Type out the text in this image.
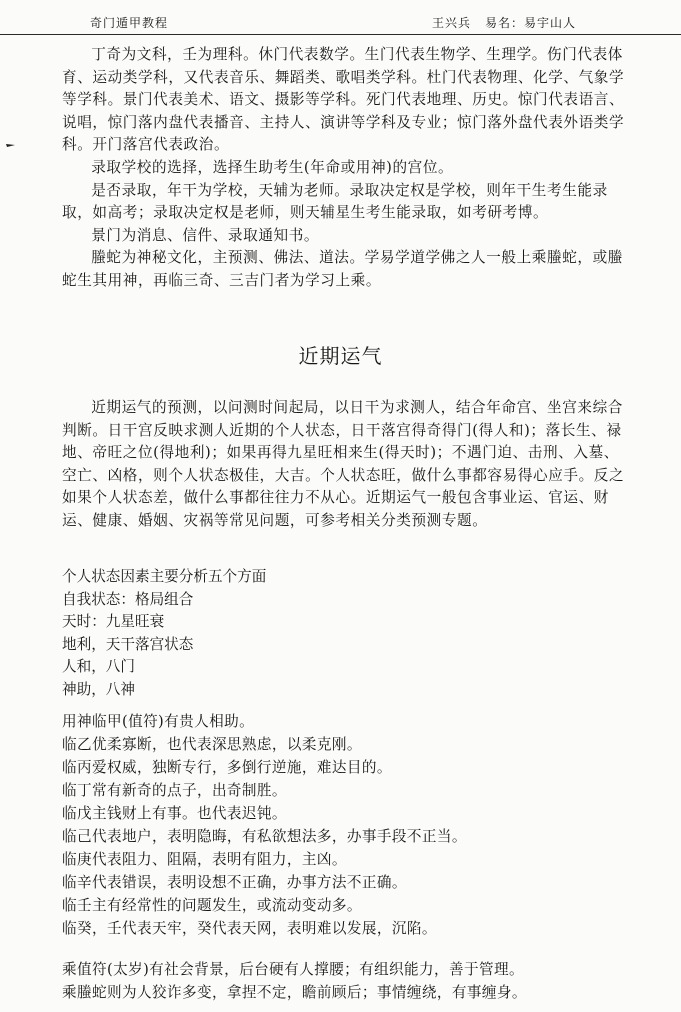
奇门遁甲教程	王兴兵 易名：易宇山人

丁奇为文科，壬为理科。休门代表数学。生门代表生物学、生理学。伤门代表体育、运动类学科，又代表音乐、舞蹈类、歌唱类学科。杜门代表物理、化学、气象学等学科。景门代表美术、语文、摄影等学科。死门代表地理、历史。惊门代表语言、说唱，惊门落内盘代表播音、主持人、演讲等学科及专业；惊门落外盘代表外语类学科。开门落宫代表政治。

录取学校的选择，选择生助考生(年命或用神)的宫位。

是否录取，年干为学校，天辅为老师。录取决定权是学校，则年干生考生能录取，如高考；录取决定权是老师，则天辅星生考生能录取，如考研考博。

景门为消息、信件、录取通知书。

螣蛇为神秘文化，主预测、佛法、道法。学易学道学佛之人一般上乘螣蛇，或螣蛇生其用神，再临三奇、三吉门者为学习上乘。

近期运气

近期运气的预测，以问测时间起局，以日干为求测人，结合年命宫、坐宫来综合判断。日干宫反映求测人近期的个人状态，日干落宫得奇得门(得人和)；落长生、禄地、帝旺之位(得地利)；如果再得九星旺相来生(得天时)；不遇门迫、击刑、入墓、空亡、凶格，则个人状态极佳，大吉。个人状态旺，做什么事都容易得心应手。反之如果个人状态差，做什么事都往往力不从心。近期运气一般包含事业运、官运、财运、健康、婚姻、灾祸等常见问题，可参考相关分类预测专题。

个人状态因素主要分析五个方面
自我状态：格局组合
天时：九星旺衰
地利，天干落宫状态
人和，八门
神助，八神
用神临甲(值符)有贵人相助。
临乙优柔寡断，也代表深思熟虑，以柔克刚。
临丙爱权威，独断专行，多倒行逆施，难达目的。
临丁常有新奇的点子，出奇制胜。
临戊主钱财上有事。也代表迟钝。
临己代表地户，表明隐晦，有私欲想法多，办事手段不正当。
临庚代表阻力、阻隔，表明有阻力，主凶。
临辛代表错误，表明设想不正确，办事方法不正确。
临壬主有经常性的问题发生，或流动变动多。
临癸，壬代表天牢，癸代表天网，表明难以发展，沉陷。
乘值符(太岁)有社会背景，后台硬有人撑腰；有组织能力，善于管理。
乘螣蛇则为人狡诈多变，拿捏不定，瞻前顾后；事情缠绕，有事缠身。
